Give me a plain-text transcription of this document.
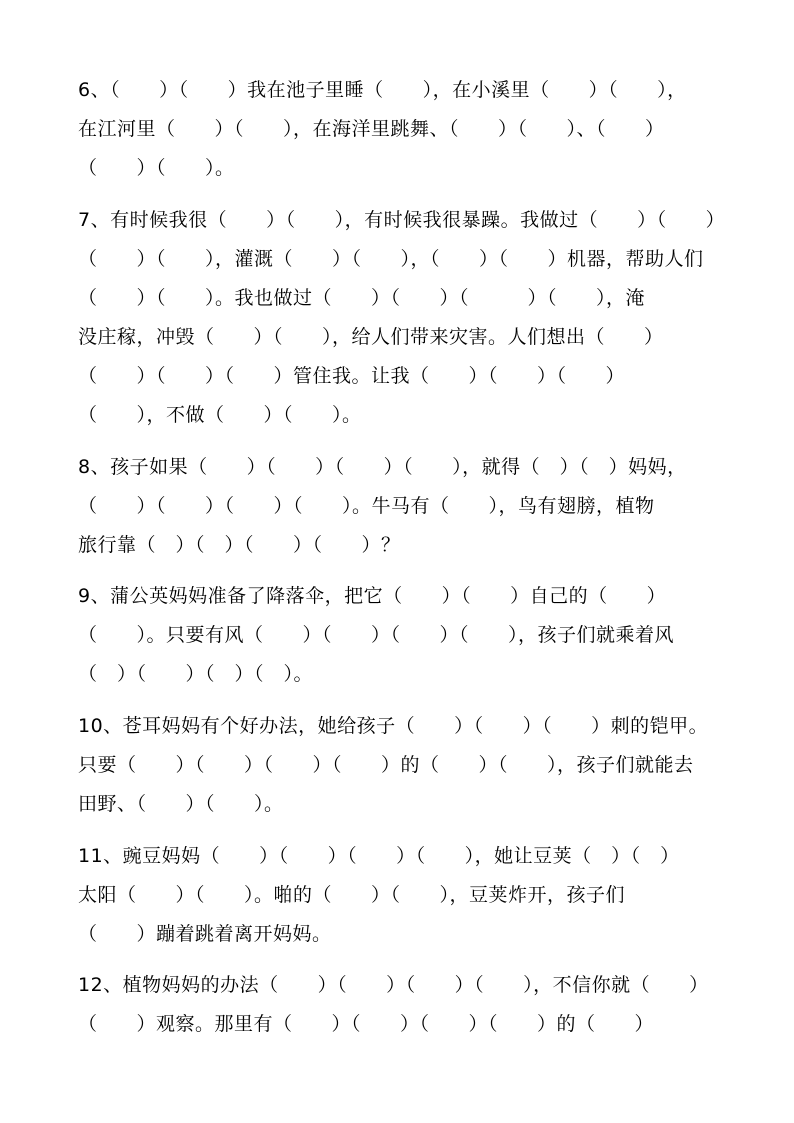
6、（　　）（　　）我在池子里睡（　　），在小溪里（　　）（　　），
在江河里（　　）（　　），在海洋里跳舞、（　　）（　　）、（　　）
（　　）（　　）。
7、有时候我很（　　）（　　），有时候我很暴躁。我做过（　　）（　　）
（　　）（　　），灌溉（　　）（　　），（　　）（　　）机器，帮助人们
（　　）（　　）。我也做过（　　）（　　）（　　　）（　　），淹
没庄稼，冲毁（　　）（　　），给人们带来灾害。人们想出（　　）
（　　）（　　）（　　）管住我。让我（　　）（　　）（　　）
（　　），不做（　　）（　　）。
8、孩子如果（　　）（　　）（　　）（　　），就得（　）（　）妈妈，
（　　）（　　）（　　）（　　）。牛马有（　　），鸟有翅膀，植物
旅行靠（　）（　）（　　）（　　）？
9、蒲公英妈妈准备了降落伞，把它（　　）（　　）自己的（　　）
（　　）。只要有风（　　）（　　）（　　）（　　），孩子们就乘着风
（　）（　　）（　）（　）。
10、苍耳妈妈有个好办法，她给孩子（　　）（　　）（　　）刺的铠甲。
只要（　　）（　　）（　　）（　　）的（　　）（　　），孩子们就能去
田野、（　　）（　　）。
11、豌豆妈妈（　　）（　　）（　　）（　　），她让豆荚（　）（　）
太阳（　　）（　　）。啪的（　　）（　　），豆荚炸开，孩子们
（　　）蹦着跳着离开妈妈。
12、植物妈妈的办法（　　）（　　）（　　）（　　），不信你就（　　）
（　　）观察。那里有（　　）（　　）（　　）（　　）的（　　）
